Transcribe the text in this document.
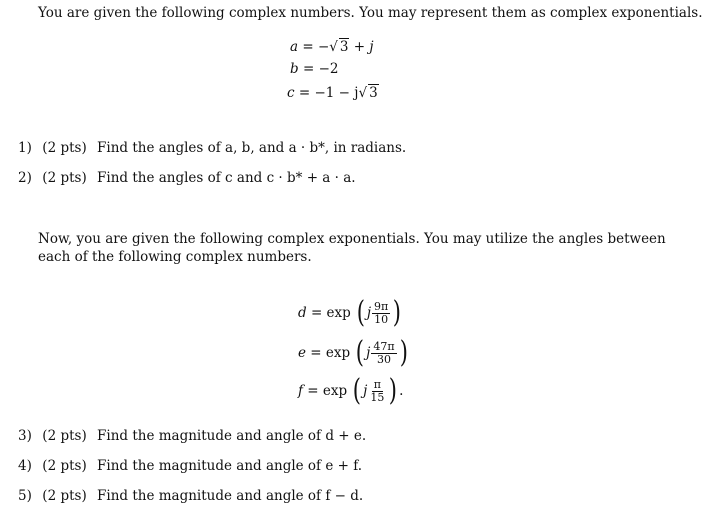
You are given the following complex numbers. You may represent them as complex exponentials.
a = −√ 3 + j
b = −2
c = −1 − j√ 3
1) (2 pts) Find the angles of a, b, and a · b*, in radians.
2) (2 pts) Find the angles of c and c · b* + a · a.
Now, you are given the following complex exponentials. You may utilize the angles between each of the following complex numbers.
d
= exp
( j $\frac{9\pi}{10}$ )
e
= exp
( j $\frac{47\pi}{30}$ )
f
= exp
( j $\frac{\pi}{15}$ ) .
3) (2 pts) Find the magnitude and angle of d + e.
4) (2 pts) Find the magnitude and angle of e + f.
5) (2 pts) Find the magnitude and angle of f − d.
